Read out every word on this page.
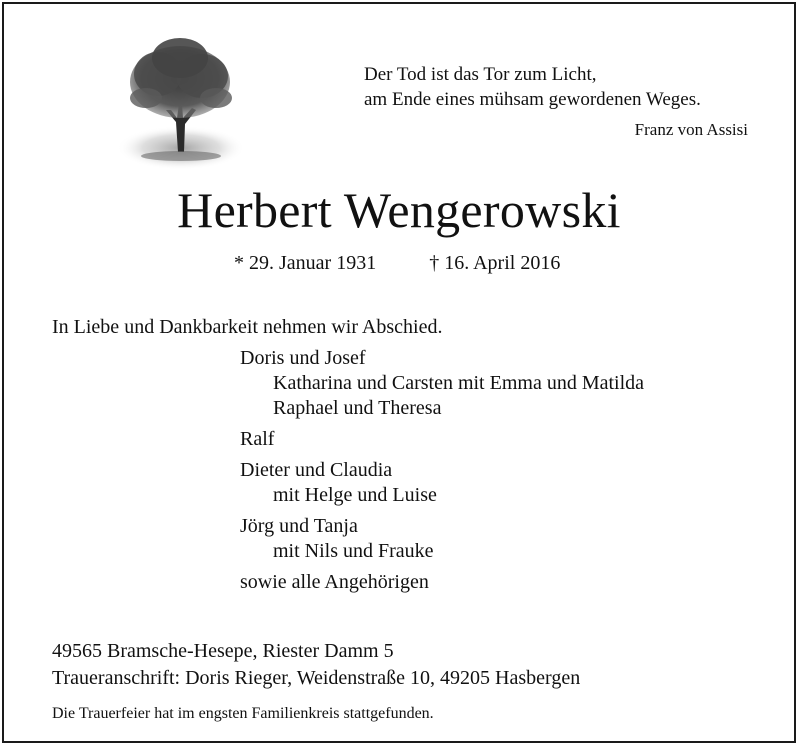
Der Tod ist das Tor zum Licht,
am Ende eines mühsam gewordenen Weges.
Franz von Assisi
Herbert Wengerowski
* 29. Januar 1931	† 16. April 2016
In Liebe und Dankbarkeit nehmen wir Abschied.
Doris und Josef
Katharina und Carsten mit Emma und Matilda
Raphael und Theresa
Ralf
Dieter und Claudia
mit Helge und Luise
Jörg und Tanja
mit Nils und Frauke
sowie alle Angehörigen
49565 Bramsche-Hesepe, Riester Damm 5
Traueranschrift: Doris Rieger, Weidenstraße 10, 49205 Hasbergen
Die Trauerfeier hat im engsten Familienkreis stattgefunden.
